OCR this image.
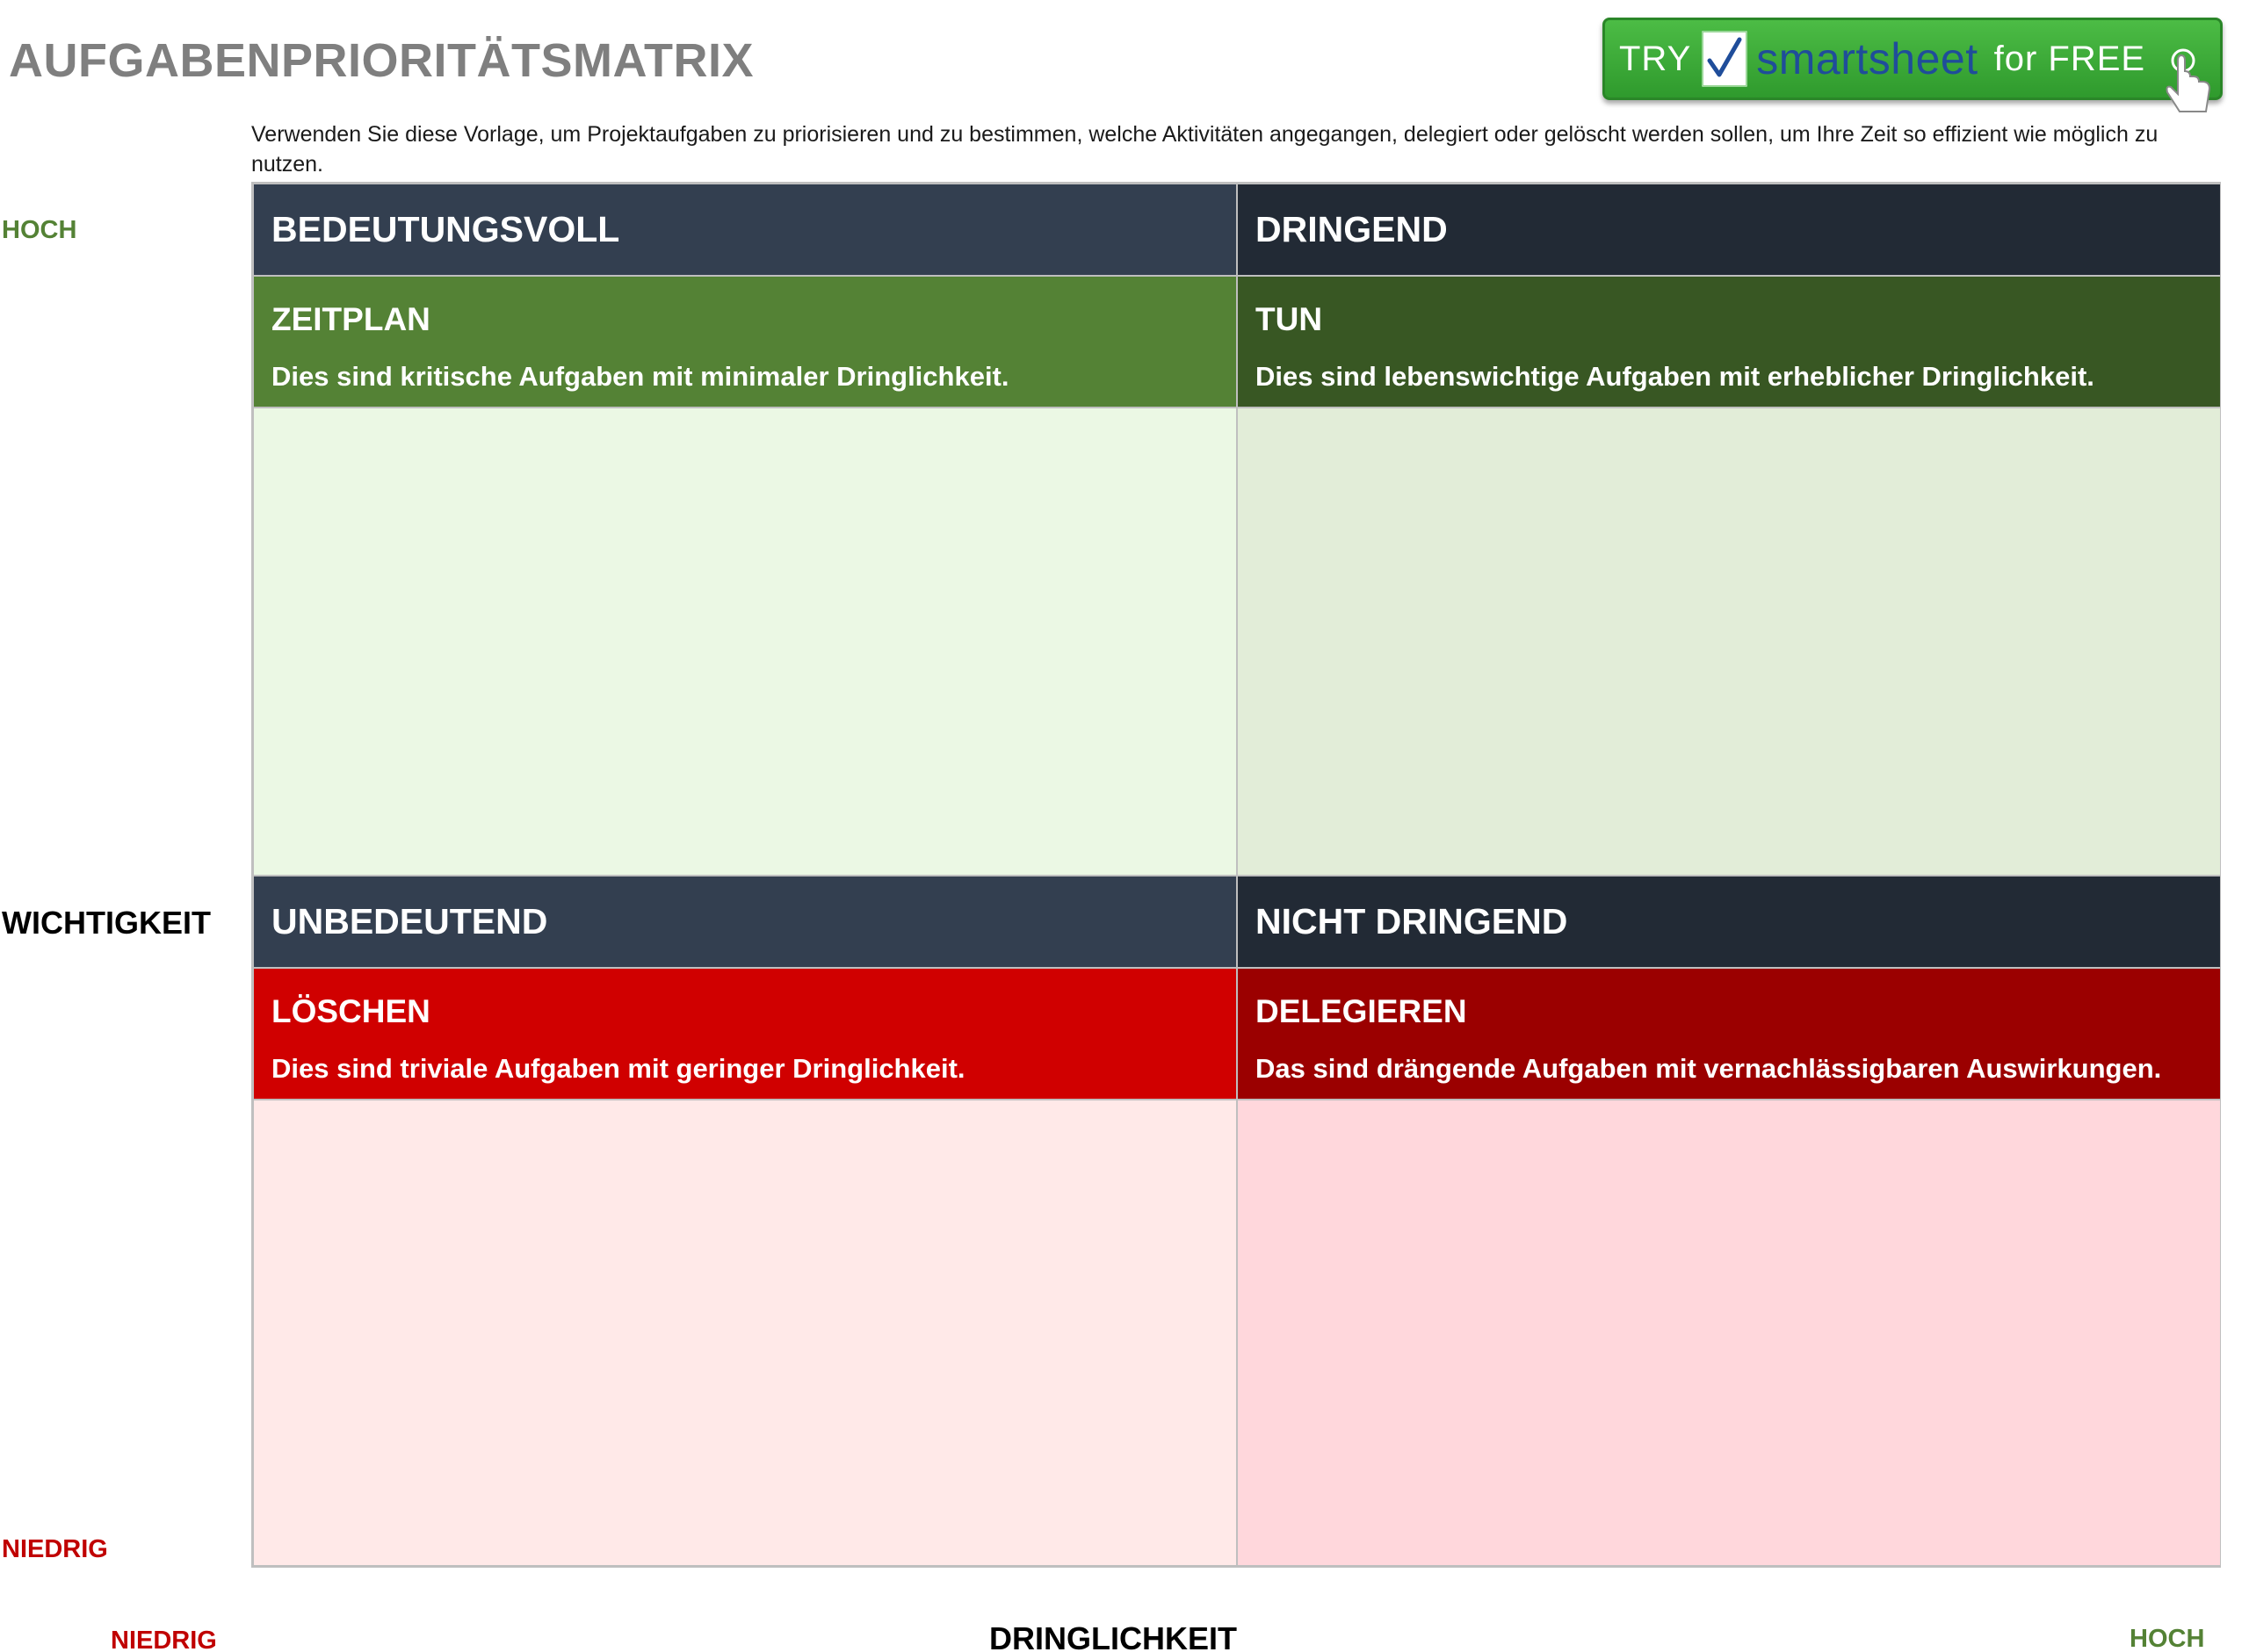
AUFGABENPRIORITÄTSMATRIX	TRY smartsheet for FREE
Verwenden Sie diese Vorlage, um Projektaufgaben zu priorisieren und zu bestimmen, welche Aktivitäten angegangen, delegiert oder gelöscht werden sollen, um Ihre Zeit so effizient wie möglich zu nutzen.
HOCH
WICHTIGKEIT
NIEDRIG
NIEDRIG	DRINGLICHKEIT	HOCH
BEDEUTUNGSVOLL	DRINGEND
ZEITPLAN
Dies sind kritische Aufgaben mit minimaler Dringlichkeit.
TUN
Dies sind lebenswichtige Aufgaben mit erheblicher Dringlichkeit.
UNBEDEUTEND	NICHT DRINGEND
LÖSCHEN
Dies sind triviale Aufgaben mit geringer Dringlichkeit.
DELEGIEREN
Das sind drängende Aufgaben mit vernachlässigbaren Auswirkungen.
